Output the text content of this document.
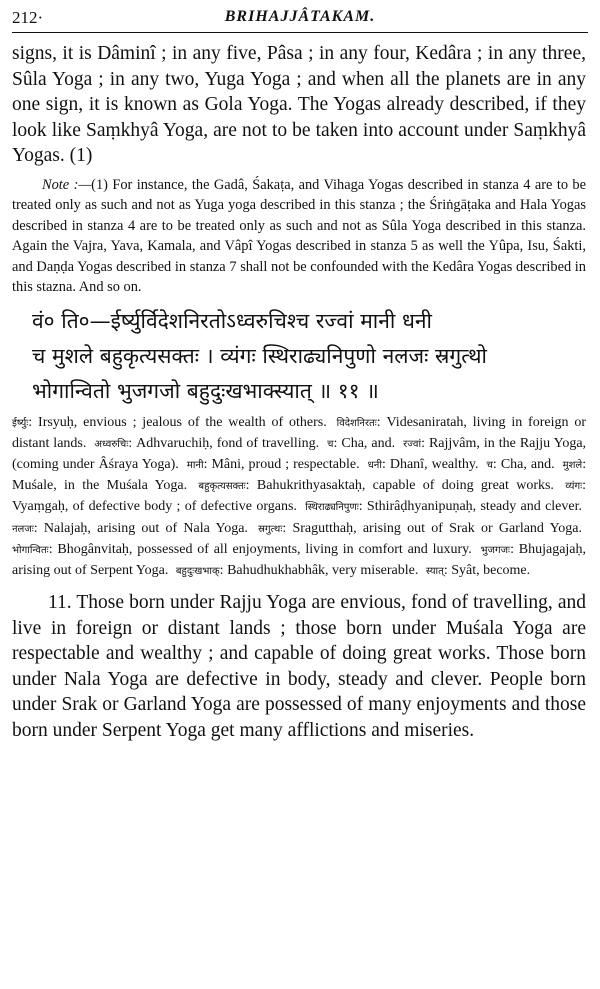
212·	BRIHAJJÂTAKAM.

signs, it is Dâminî ; in any five, Pâsa ; in any four, Kedâra ; in any three, Sûla Yoga ; in any two, Yuga Yoga ; and when all the planets are in any one sign, it is known as Gola Yoga. The Yogas already described, if they look like Saṃkhyâ Yoga, are not to be taken into account under Saṃkhyâ Yogas. (1)

Note :—(1) For instance, the Gadâ, Śakaṭa, and Vihaga Yogas described in stanza 4 are to be treated only as such and not as Yuga yoga described in this stanza ; the Śriṅgāṭaka and Hala Yogas described in stanza 4 are to be treated only as such and not as Sûla Yoga described in this stanza. Again the Vajra, Yava, Kamala, and Vâpî Yogas described in stanza 5 as well the Yûpa, Isu, Śakti, and Daṇḍa Yogas described in stanza 7 shall not be confounded with the Kedâra Yogas described in this stazna. And so on.

वं० ति०—ईर्ष्युर्विदेशनिरतोऽध्वरुचिश्च रज्वां मानी धनी
च मुशले बहुकृत्यसक्तः । व्यंगः स्थिराढ्यनिपुणो नलजः स्रगुत्थो
भोगान्वितो भुजगजो बहुदुःखभाक्स्यात् ॥ ११ ॥

ईर्ष्युः: Irsyuḥ, envious ; jealous of the wealth of others. विदेशनिरतः: Videsaniratah, living in foreign or distant lands. अध्वरुचिः: Adhvaruchiḥ, fond of travelling. च: Cha, and. रज्वां: Rajjvâm, in the Rajju Yoga, (coming under Âśraya Yoga). मानी: Mâni, proud ; respectable. धनी: Dhanî, wealthy. च: Cha, and. मुशले: Muśale, in the Muśala Yoga. बहुकृत्यसक्तः: Bahukrithyasaktaḥ, capable of doing great works. व्यंगः: Vyaṃgaḥ, of defective body ; of defective organs. स्थिराढ्यनिपुणः: Sthirâḍhyanipuṇaḥ, steady and clever. नलजः: Nalajaḥ, arising out of Nala Yoga. स्रगुत्थः: Sragutthaḥ, arising out of Srak or Garland Yoga. भोगान्वितः: Bhogânvitaḥ, possessed of all enjoyments, living in comfort and luxury. भुजगजः: Bhujagajaḥ, arising out of Serpent Yoga. बहुदुःखभाक्: Bahudhukhabhâk, very miserable. स्यात्: Syât, become.

11. Those born under Rajju Yoga are envious, fond of travelling, and live in foreign or distant lands ; those born under Muśala Yoga are respectable and wealthy ; and capable of doing great works. Those born under Nala Yoga are defective in body, steady and clever. People born under Srak or Garland Yoga are possessed of many enjoyments and those born under Serpent Yoga get many afflictions and miseries.
